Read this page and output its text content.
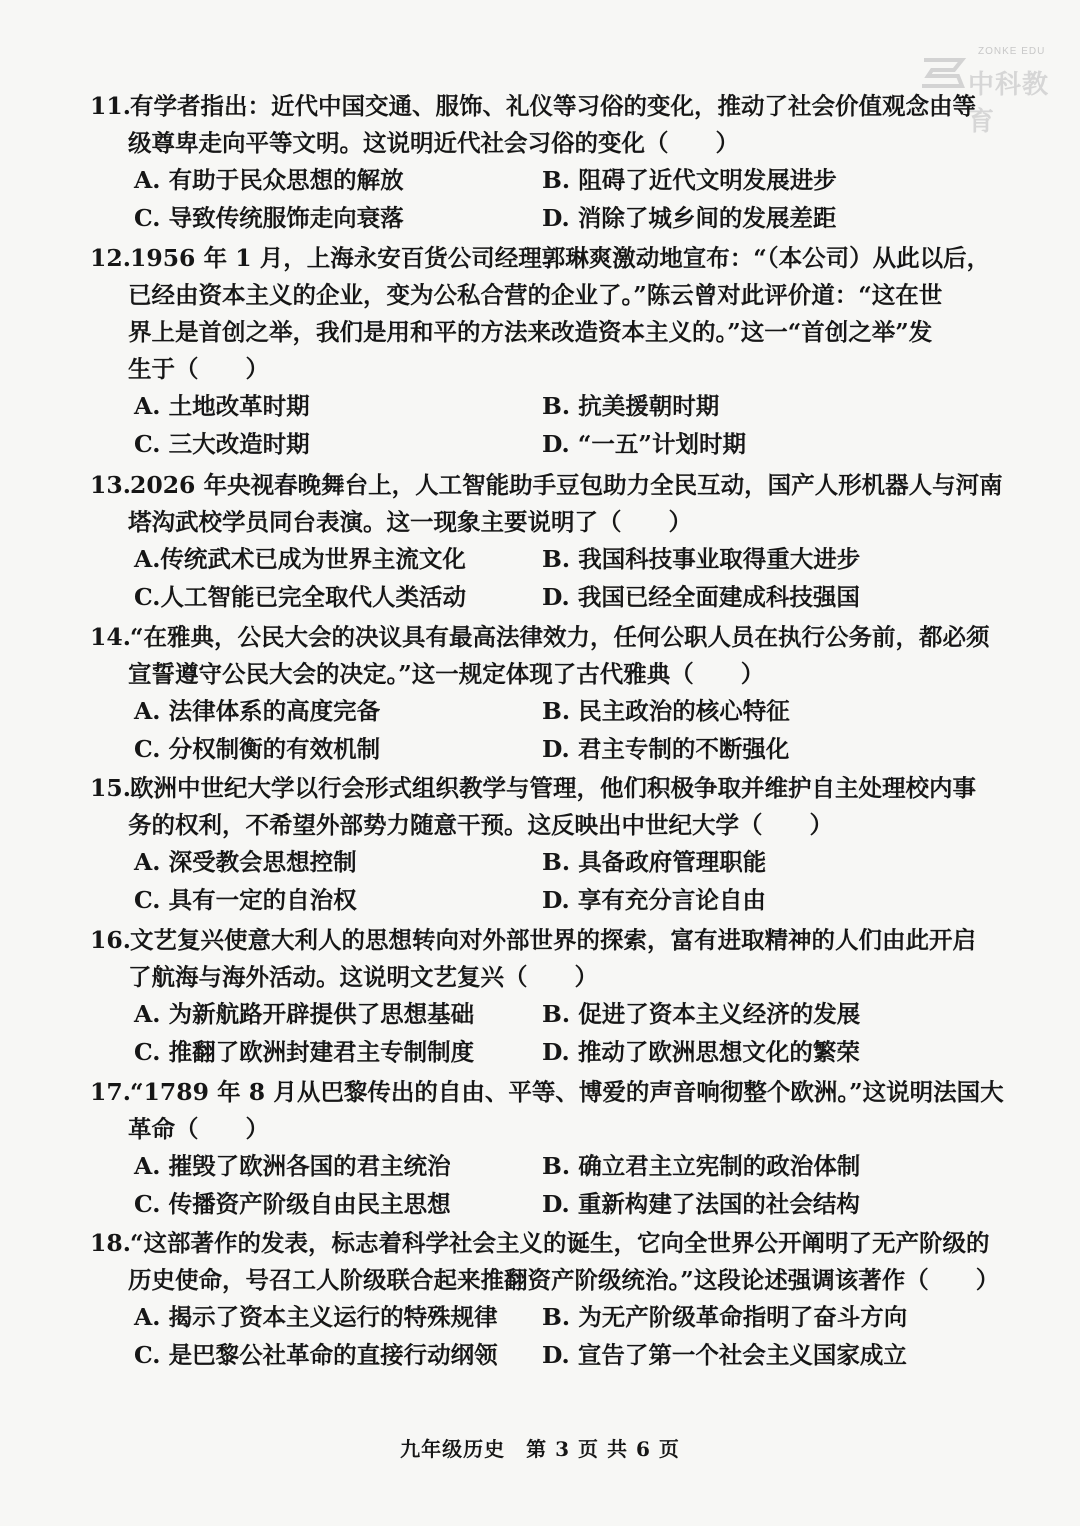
ZONKE EDU
中科教育
11. 有学者指出：近代中国交通、服饰、礼仪等习俗的变化，推动了社会价值观念由等
级尊卑走向平等文明。这说明近代社会习俗的变化（　　）
A. 有助于民众思想的解放	B. 阻碍了近代文明发展进步
C. 导致传统服饰走向衰落	D. 消除了城乡间的发展差距
12. 1956 年 1 月，上海永安百货公司经理郭琳爽激动地宣布：“（本公司）从此以后，
已经由资本主义的企业，变为公私合营的企业了。”陈云曾对此评价道：“这在世
界上是首创之举，我们是用和平的方法来改造资本主义的。”这一“首创之举”发
生于（　　）
A. 土地改革时期	B. 抗美援朝时期
C. 三大改造时期	D. “一五”计划时期
13. 2026 年央视春晚舞台上，人工智能助手豆包助力全民互动，国产人形机器人与河南
塔沟武校学员同台表演。这一现象主要说明了（　　）
A.传统武术已成为世界主流文化	B. 我国科技事业取得重大进步
C.人工智能已完全取代人类活动	D. 我国已经全面建成科技强国
14. “在雅典，公民大会的决议具有最高法律效力，任何公职人员在执行公务前，都必须
宣誓遵守公民大会的决定。”这一规定体现了古代雅典（　　）
A. 法律体系的高度完备	B. 民主政治的核心特征
C. 分权制衡的有效机制	D. 君主专制的不断强化
15. 欧洲中世纪大学以行会形式组织教学与管理，他们积极争取并维护自主处理校内事
务的权利，不希望外部势力随意干预。这反映出中世纪大学（　　）
A. 深受教会思想控制	B. 具备政府管理职能
C. 具有一定的自治权	D. 享有充分言论自由
16. 文艺复兴使意大利人的思想转向对外部世界的探索，富有进取精神的人们由此开启
了航海与海外活动。这说明文艺复兴（　　）
A. 为新航路开辟提供了思想基础	B. 促进了资本主义经济的发展
C. 推翻了欧洲封建君主专制制度	D. 推动了欧洲思想文化的繁荣
17. “1789 年 8 月从巴黎传出的自由、平等、博爱的声音响彻整个欧洲。”这说明法国大
革命（　　）
A. 摧毁了欧洲各国的君主统治	B. 确立君主立宪制的政治体制
C. 传播资产阶级自由民主思想	D. 重新构建了法国的社会结构
18. “这部著作的发表，标志着科学社会主义的诞生，它向全世界公开阐明了无产阶级的
历史使命，号召工人阶级联合起来推翻资产阶级统治。”这段论述强调该著作（　　）
A. 揭示了资本主义运行的特殊规律 B. 为无产阶级革命指明了奋斗方向
C. 是巴黎公社革命的直接行动纲领 D. 宣告了第一个社会主义国家成立
九年级历史　第 3 页 共 6 页
